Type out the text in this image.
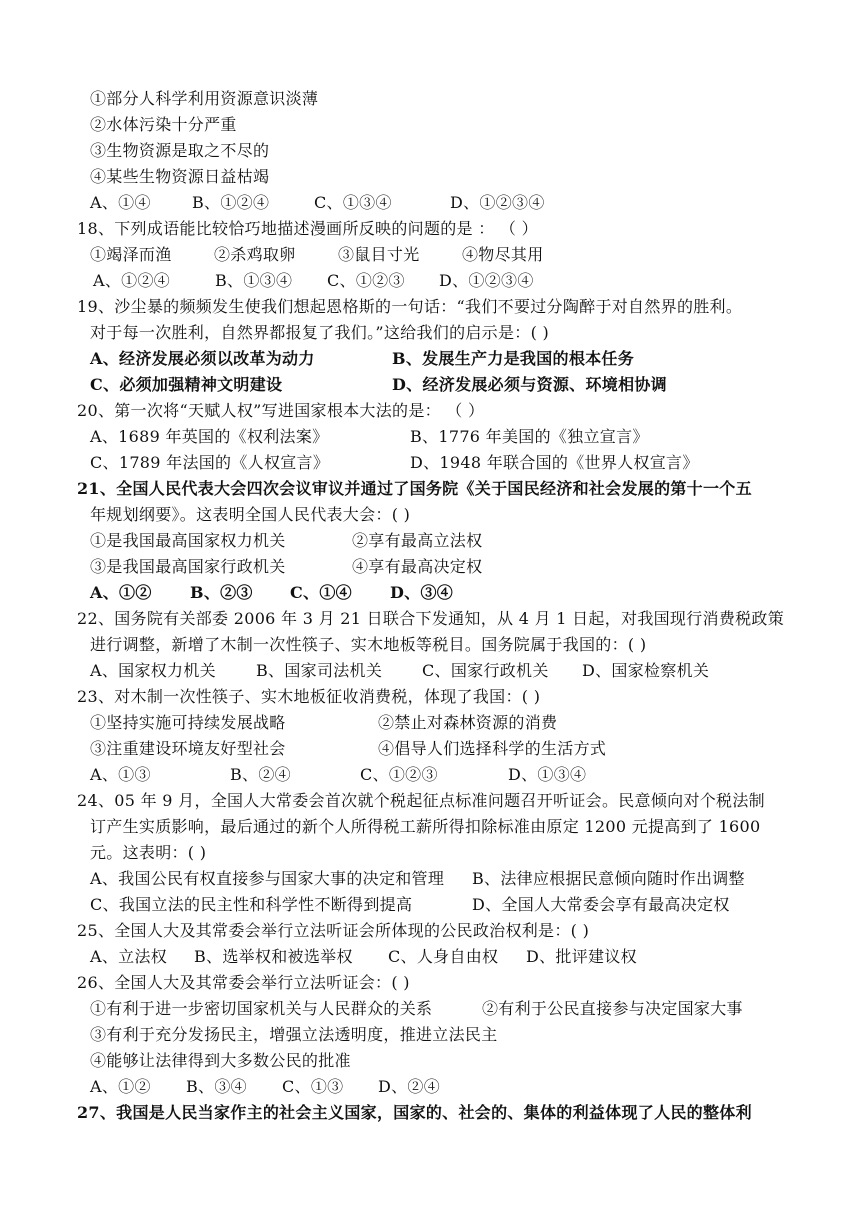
①部分人科学利用资源意识淡薄
②水体污染十分严重
③生物资源是取之不尽的
④某些生物资源日益枯竭
A、①④	B、①②④	C、①③④	D、①②③④
18、下列成语能比较恰巧地描述漫画所反映的问题的是 ： （ ）
①竭泽而渔	②杀鸡取卵	③鼠目寸光	④物尽其用
A、①②④	B、①③④ C、①②③ D、①②③④
19、沙尘暴的频频发生使我们想起恩格斯的一句话：“我们不要过分陶醉于对自然界的胜利。
对于每一次胜利，自然界都报复了我们。”这给我们的启示是：( )
A、经济发展必须以改革为动力	B、发展生产力是我国的根本任务
C、必须加强精神文明建设	D、经济发展必须与资源、环境相协调
20、第一次将“天赋人权”写进国家根本大法的是： （ ）
A、1689 年英国的《权利法案》	B、1776 年美国的《独立宣言》
C、1789 年法国的《人权宣言》	D、1948 年联合国的《世界人权宣言》
21、全国人民代表大会四次会议审议并通过了国务院《关于国民经济和社会发展的第十一个五
年规划纲要》。这表明全国人民代表大会：( )
①是我国最高国家权力机关	②享有最高立法权
③是我国最高国家行政机关	④享有最高决定权
A、①② B、②③ C、①④ D、③④
22、国务院有关部委 2006 年 3 月 21 日联合下发通知，从 4 月 1 日起，对我国现行消费税政策
进行调整，新增了木制一次性筷子、实木地板等税目。国务院属于我国的：( )
A、国家权力机关	B、国家司法机关 C、国家行政机关 D、国家检察机关
23、对木制一次性筷子、实木地板征收消费税，体现了我国：( )
①坚持实施可持续发展战略	②禁止对森林资源的消费
③注重建设环境友好型社会	④倡导人们选择科学的生活方式
A、①③	B、②④	C、①②③	D、①③④
24、05 年 9 月，全国人大常委会首次就个税起征点标准问题召开听证会。民意倾向对个税法制
订产生实质影响，最后通过的新个人所得税工薪所得扣除标准由原定 1200 元提高到了 1600
元。这表明：( )
A、我国公民有权直接参与国家大事的决定和管理 B、法律应根据民意倾向随时作出调整
C、我国立法的民主性和科学性不断得到提高	D、全国人大常委会享有最高决定权
25、全国人大及其常委会举行立法听证会所体现的公民政治权利是：( )
A、立法权 B、选举权和被选举权 C、人身自由权 D、批评建议权
26、全国人大及其常委会举行立法听证会：( )
①有利于进一步密切国家机关与人民群众的关系	②有利于公民直接参与决定国家大事
③有利于充分发扬民主，增强立法透明度，推进立法民主
④能够让法律得到大多数公民的批准
A、①② B、③④ C、①③ D、②④
27、我国是人民当家作主的社会主义国家，国家的、社会的、集体的利益体现了人民的整体利
